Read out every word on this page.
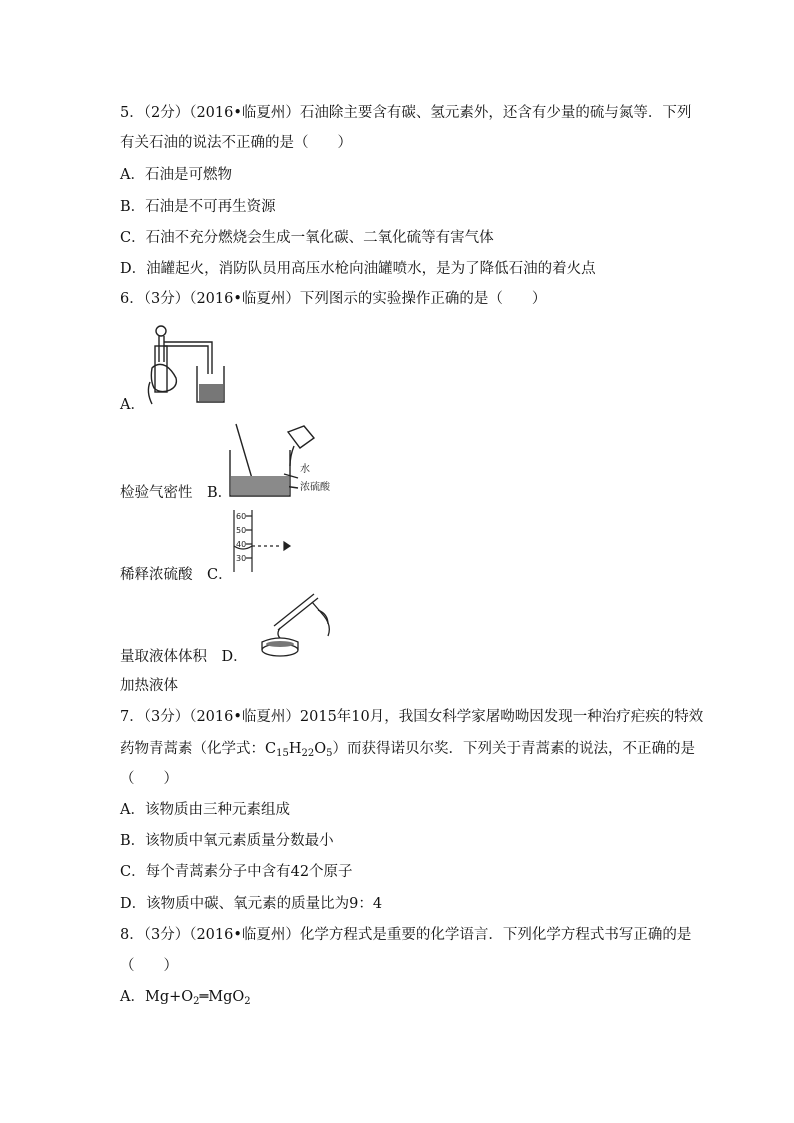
5．（2分）（2016•临夏州）石油除主要含有碳、氢元素外，还含有少量的硫与氮等．下列
有关石油的说法不正确的是（　　）
A．石油是可燃物
B．石油是不可再生资源
C．石油不充分燃烧会生成一氧化碳、二氧化硫等有害气体
D．油罐起火，消防队员用高压水枪向油罐喷水，是为了降低石油的着火点
6．（3分）（2016•临夏州）下列图示的实验操作正确的是（　　）
A．
水
浓硫酸
检验气密性　 B．
60
50
40
30
稀释浓硫酸　 C．
量取液体体积　 D．
加热液体
7．（3分）（2016•临夏州）2015年10月，我国女科学家屠呦呦因发现一种治疗疟疾的特效
药物青蒿素（化学式：$C_{15}H_{22}O_5$）而获得诺贝尔奖．下列关于青蒿素的说法，不正确的是
（　　）
A．该物质由三种元素组成
B．该物质中氧元素质量分数最小
C．每个青蒿素分子中含有42个原子
D．该物质中碳、氧元素的质量比为9：4
8．（3分）（2016•临夏州）化学方程式是重要的化学语言．下列化学方程式书写正确的是
（　　）
A．$Mg+O_2═MgO_2$
